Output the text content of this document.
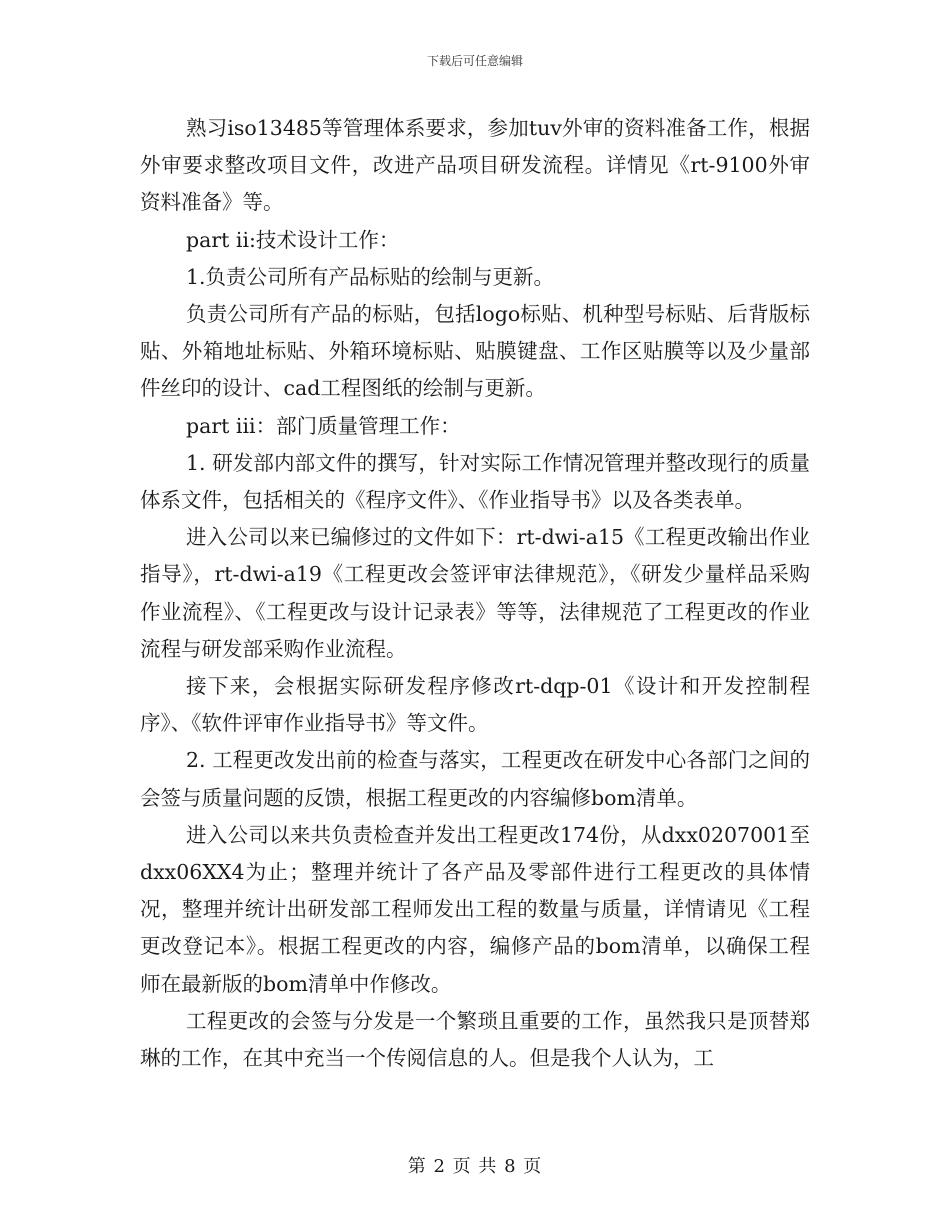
下载后可任意编辑

熟习iso13485等管理体系要求，参加tuv外审的资料准备工作，根据外审要求整改项目文件，改进产品项目研发流程。详情见《rt-9100外审资料准备》等。

part ii:技术设计工作：

1.负责公司所有产品标贴的绘制与更新。

负责公司所有产品的标贴，包括logo标贴、机种型号标贴、后背版标贴、外箱地址标贴、外箱环境标贴、贴膜键盘、工作区贴膜等以及少量部件丝印的设计、cad工程图纸的绘制与更新。

part iii：部门质量管理工作：

1. 研发部内部文件的撰写，针对实际工作情况管理并整改现行的质量体系文件，包括相关的《程序文件》、《作业指导书》以及各类表单。

进入公司以来已编修过的文件如下：rt-dwi-a15《工程更改输出作业指导》，rt-dwi-a19《工程更改会签评审法律规范》，《研发少量样品采购作业流程》、《工程更改与设计记录表》等等，法律规范了工程更改的作业流程与研发部采购作业流程。

接下来，会根据实际研发程序修改rt-dqp-01《设计和开发控制程序》、《软件评审作业指导书》等文件。

2. 工程更改发出前的检查与落实，工程更改在研发中心各部门之间的会签与质量问题的反馈，根据工程更改的内容编修bom清单。

进入公司以来共负责检查并发出工程更改174份，从dxx0207001至dxx06XX4为止；整理并统计了各产品及零部件进行工程更改的具体情况，整理并统计出研发部工程师发出工程的数量与质量，详情请见《工程更改登记本》。根据工程更改的内容，编修产品的bom清单，以确保工程师在最新版的bom清单中作修改。

工程更改的会签与分发是一个繁琐且重要的工作，虽然我只是顶替郑琳的工作，在其中充当一个传阅信息的人。但是我个人认为，工

第 2 页 共 8 页
